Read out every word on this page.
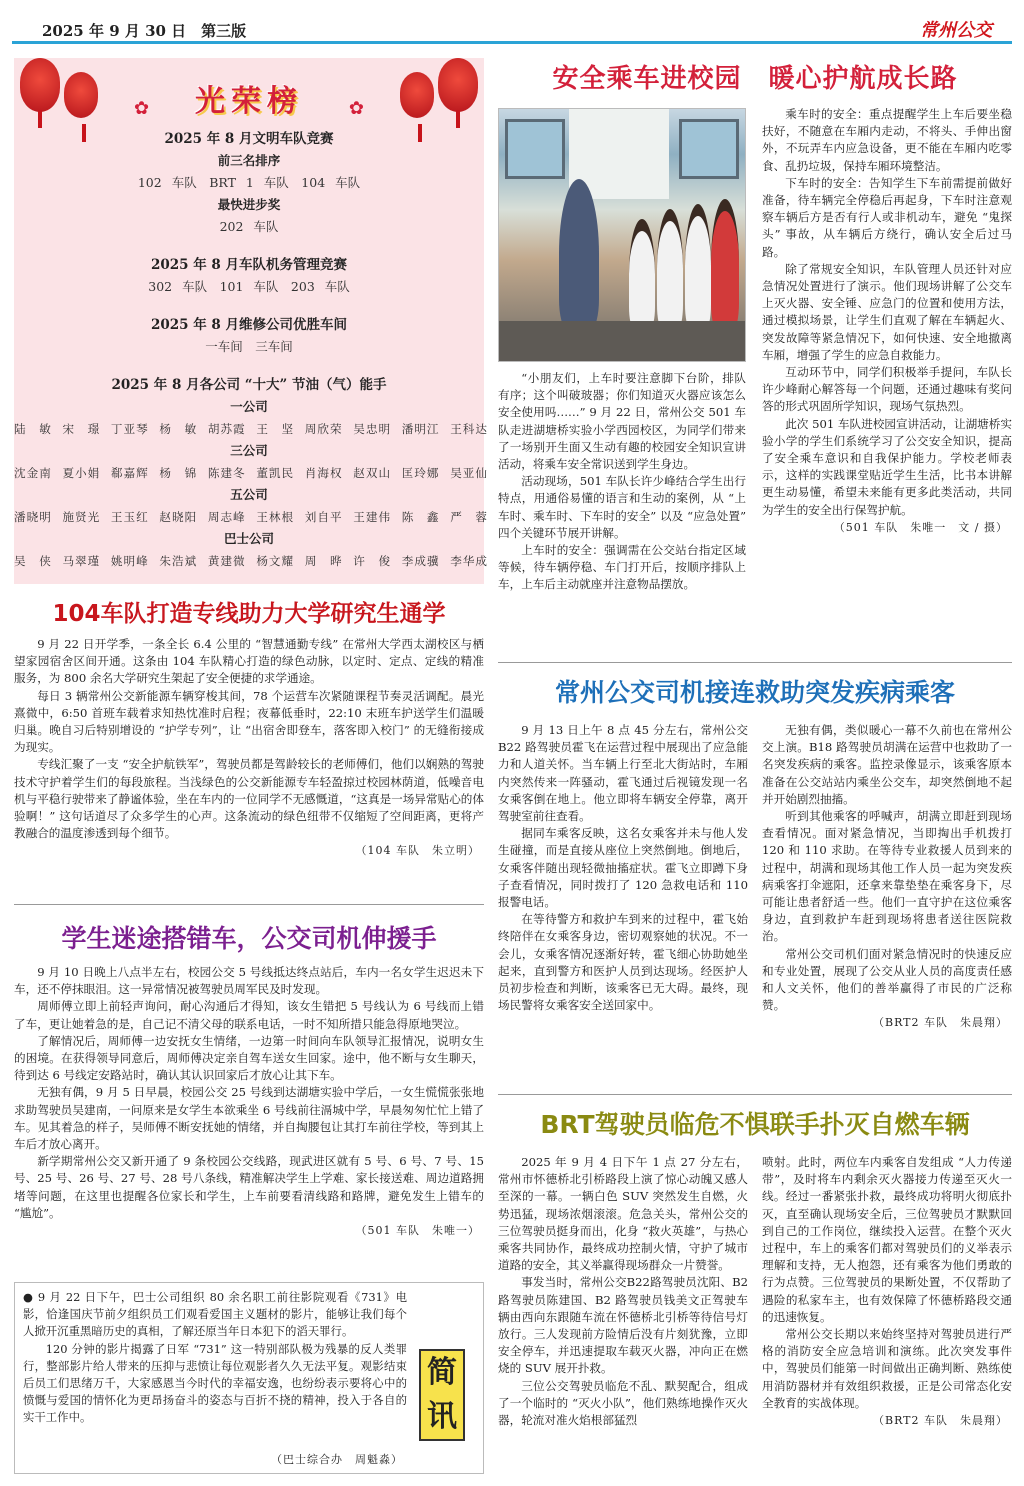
2025 年 9 月 30 日　第三版	常州公交
✿	✿
光荣榜
2025 年 8 月文明车队竞赛
前三名排序
102 车队　BRT 1 车队　104 车队
最快进步奖
202 车队
2025 年 8 月车队机务管理竞赛
302 车队　101 车队　203 车队
2025 年 8 月维修公司优胜车间
一车间　三车间
2025 年 8 月各公司 “十大” 节油（气）能手
一公司
陆　敏 宋　璟 丁亚琴 杨　敏 胡苏霞 王　坚 周欣荣 吴忠明 潘明江 王科达
三公司
沈金南 夏小娟 郗嘉辉 杨　锦 陈建冬 董凯民 肖海权 赵双山 匡玲娜 吴亚仙
五公司
潘晓明 施贤光 王玉红 赵晓阳 周志峰 王林根 刘自平 王建伟 陈　鑫 严　蓉
巴士公司
吴　侠 马翠瑾 姚明峰 朱浩斌 黄建微 杨文耀 周　晔 许　俊 李成骥 李华成
104车队打造专线助力大学研究生通学

9 月 22 日开学季，一条全长 6.4 公里的 “智慧通勤专线” 在常州大学西太湖校区与栖望家园宿舍区间开通。这条由 104 车队精心打造的绿色动脉，以定时、定点、定线的精准服务，为 800 余名大学研究生架起了安全便捷的求学通途。

每日 3 辆常州公交新能源车辆穿梭其间，78 个运营车次紧随课程节奏灵活调配。晨光熹微中，6:50 首班车载着求知热忱准时启程；夜幕低垂时，22:10 末班车护送学生们温暖归巢。晚自习后特别增设的 “护学专列”，让 “出宿舍即登车，落客即入校门” 的无缝衔接成为现实。

专线汇聚了一支 “安全护航铁军”，驾驶员都是驾龄较长的老师傅们，他们以娴熟的驾驶技术守护着学生们的每段旅程。当浅绿色的公交新能源专车轻盈掠过校园林荫道，低噪音电机与平稳行驶带来了静谧体验，坐在车内的一位同学不无感慨道，“这真是一场异常贴心的体验啊！” 这句话道尽了众多学生的心声。这条流动的绿色纽带不仅缩短了空间距离，更将产教融合的温度渗透到每个细节。

（104 车队　朱立明）
学生迷途搭错车，公交司机伸援手

9 月 10 日晚上八点半左右，校园公交 5 号线抵达终点站后，车内一名女学生迟迟未下车，还不停抹眼泪。这一异常情况被驾驶员周军民及时发现。

周师傅立即上前轻声询问，耐心沟通后才得知，该女生错把 5 号线认为 6 号线而上错了车，更让她着急的是，自己记不清父母的联系电话，一时不知所措只能急得原地哭泣。

了解情况后，周师傅一边安抚女生情绪，一边第一时间向车队领导汇报情况，说明女生的困境。在获得领导同意后，周师傅决定亲自驾车送女生回家。途中，他不断与女生聊天，待到达 6 号线定安路站时，确认其认识回家后才放心让其下车。

无独有偶，9 月 5 日早晨，校园公交 25 号线到达湖塘实验中学后，一女生慌慌张张地求助驾驶员吴建南，一问原来是女学生本欲乘坐 6 号线前往滆城中学，早晨匆匆忙忙上错了车。见其着急的样子，吴师傅不断安抚她的情绪，并自掏腰包让其打车前往学校，等到其上车后才放心离开。

新学期常州公交又新开通了 9 条校园公交线路，现武进区就有 5 号、6 号、7 号、15 号、25 号、26 号、27 号、28 号八条线，精准解决学生上学难、家长接送难、周边道路拥堵等问题，在这里也提醒各位家长和学生，上车前要看清线路和路牌，避免发生上错车的 “尴尬”。

（501 车队　朱唯一）

● 9 月 22 日下午，巴士公司组织 80 余名职工前往影院观看《731》电影，恰逢国庆节前夕组织员工们观看爱国主义题材的影片，能够让我们每个人掀开沉重黑暗历史的真相，了解还原当年日本犯下的滔天罪行。

120 分钟的影片揭露了日军 “731” 这一特别部队极为残暴的反人类罪行，整部影片给人带来的压抑与悲愤让每位观影者久久无法平复。观影结束后员工们思绪万千，大家感恩当今时代的幸福安逸，也纷纷表示要将心中的愤慨与爱国的情怀化为更昂扬奋斗的姿态与百折不挠的精神，投入于各自的实干工作中。

简讯
（巴士综合办　周魁淼）
安全乘车进校园　暖心护航成长路

“小朋友们，上车时要注意脚下台阶，排队有序；这个叫破玻器；你们知道灭火器应该怎么安全使用吗……” 9 月 22 日，常州公交 501 车队走进湖塘桥实验小学西园校区，为同学们带来了一场别开生面又生动有趣的校园安全知识宣讲活动，将乘车安全常识送到学生身边。

活动现场，501 车队长许少峰结合学生出行特点，用通俗易懂的语言和生动的案例，从 “上车时、乘车时、下车时的安全” 以及 “应急处置” 四个关键环节展开讲解。

上车时的安全：强调需在公交站台指定区域等候，待车辆停稳、车门打开后，按顺序排队上车，上车后主动就座并注意物品摆放。

乘车时的安全：重点提醒学生上车后要坐稳扶好，不随意在车厢内走动，不将头、手伸出窗外，不玩弄车内应急设备，更不能在车厢内吃零食、乱扔垃圾，保持车厢环境整洁。

下车时的安全：告知学生下车前需提前做好准备，待车辆完全停稳后再起身，下车时注意观察车辆后方是否有行人或非机动车，避免 “鬼探头” 事故，从车辆后方绕行，确认安全后过马路。

除了常规安全知识，车队管理人员还针对应急情况处置进行了演示。他们现场讲解了公交车上灭火器、安全锤、应急门的位置和使用方法，通过模拟场景，让学生们直观了解在车辆起火、突发故障等紧急情况下，如何快速、安全地撤离车厢，增强了学生的应急自救能力。

互动环节中，同学们积极举手提问，车队长许少峰耐心解答每一个问题，还通过趣味有奖问答的形式巩固所学知识，现场气氛热烈。

此次 501 车队进校园宣讲活动，让湖塘桥实验小学的学生们系统学习了公交安全知识，提高了安全乘车意识和自我保护能力。学校老师表示，这样的实践课堂贴近学生生活，比书本讲解更生动易懂，希望未来能有更多此类活动，共同为学生的安全出行保驾护航。

（501 车队　朱唯一　文 / 摄）
常州公交司机接连救助突发疾病乘客

9 月 13 日上午 8 点 45 分左右，常州公交 B22 路驾驶员霍飞在运营过程中展现出了应急能力和人道关怀。当车辆上行至北大街站时，车厢内突然传来一阵骚动，霍飞通过后视镜发现一名女乘客倒在地上。他立即将车辆安全停靠，离开驾驶室前往查看。

据同车乘客反映，这名女乘客并未与他人发生碰撞，而是直接从座位上突然倒地。倒地后，女乘客伴随出现轻微抽搐症状。霍飞立即蹲下身子查看情况，同时拨打了 120 急救电话和 110 报警电话。

在等待警方和救护车到来的过程中，霍飞始终陪伴在女乘客身边，密切观察她的状况。不一会儿，女乘客情况逐渐好转，霍飞细心协助她坐起来，直到警方和医护人员到达现场。经医护人员初步检查和判断，该乘客已无大碍。最终，现场民警将女乘客安全送回家中。

无独有偶，类似暖心一幕不久前也在常州公交上演。B18 路驾驶员胡满在运营中也救助了一名突发疾病的乘客。监控录像显示，该乘客原本准备在公交站站内乘坐公交车，却突然倒地不起并开始剧烈抽搐。

听到其他乘客的呼喊声，胡满立即赶到现场查看情况。面对紧急情况，当即掏出手机拨打 120 和 110 求助。在等待专业救援人员到来的过程中，胡满和现场其他工作人员一起为突发疾病乘客打伞遮阳，还拿来靠垫垫在乘客身下，尽可能让患者舒适一些。他们一直守护在这位乘客身边，直到救护车赶到现场将患者送往医院救治。

常州公交司机们面对紧急情况时的快速反应和专业处置，展现了公交从业人员的高度责任感和人文关怀，他们的善举赢得了市民的广泛称赞。

（BRT2 车队　朱晨翔）
BRT驾驶员临危不惧联手扑灭自燃车辆

2025 年 9 月 4 日下午 1 点 27 分左右，常州市怀德桥北引桥路段上演了惊心动魄又感人至深的一幕。一辆白色 SUV 突然发生自燃，火势迅猛，现场浓烟滚滚。危急关头，常州公交的三位驾驶员挺身而出，化身 “救火英雄”，与热心乘客共同协作，最终成功控制火情，守护了城市道路的安全，其义举赢得现场群众一片赞誉。

事发当时，常州公交B22路驾驶员沈阳、B2 路驾驶员陈建国、B2 路驾驶员钱美文正驾驶车辆由西向东跟随车流在怀德桥北引桥等待信号灯放行。三人发现前方险情后没有片刻犹豫，立即安全停车，并迅速提取车载灭火器，冲向正在燃烧的 SUV 展开扑救。

三位公交驾驶员临危不乱、默契配合，组成了一个临时的 “灭火小队”，他们熟练地操作灭火器，轮流对准火焰根部猛烈

喷射。此时，两位车内乘客自发组成 “人力传递带”，及时将车内剩余灭火器接力传递至灭火一线。经过一番紧张扑救，最终成功将明火彻底扑灭，直至确认现场安全后，三位驾驶员才默默回到自己的工作岗位，继续投入运营。在整个灭火过程中，车上的乘客们都对驾驶员们的义举表示理解和支持，无人抱怨，还有乘客为他们勇敢的行为点赞。三位驾驶员的果断处置，不仅帮助了遇险的私家车主，也有效保障了怀德桥路段交通的迅速恢复。

常州公交长期以来始终坚持对驾驶员进行严格的消防安全应急培训和演练。此次突发事件中，驾驶员们能第一时间做出正确判断、熟练使用消防器材并有效组织救援，正是公司常态化安全教育的实战体现。

（BRT2 车队　朱晨翔）
